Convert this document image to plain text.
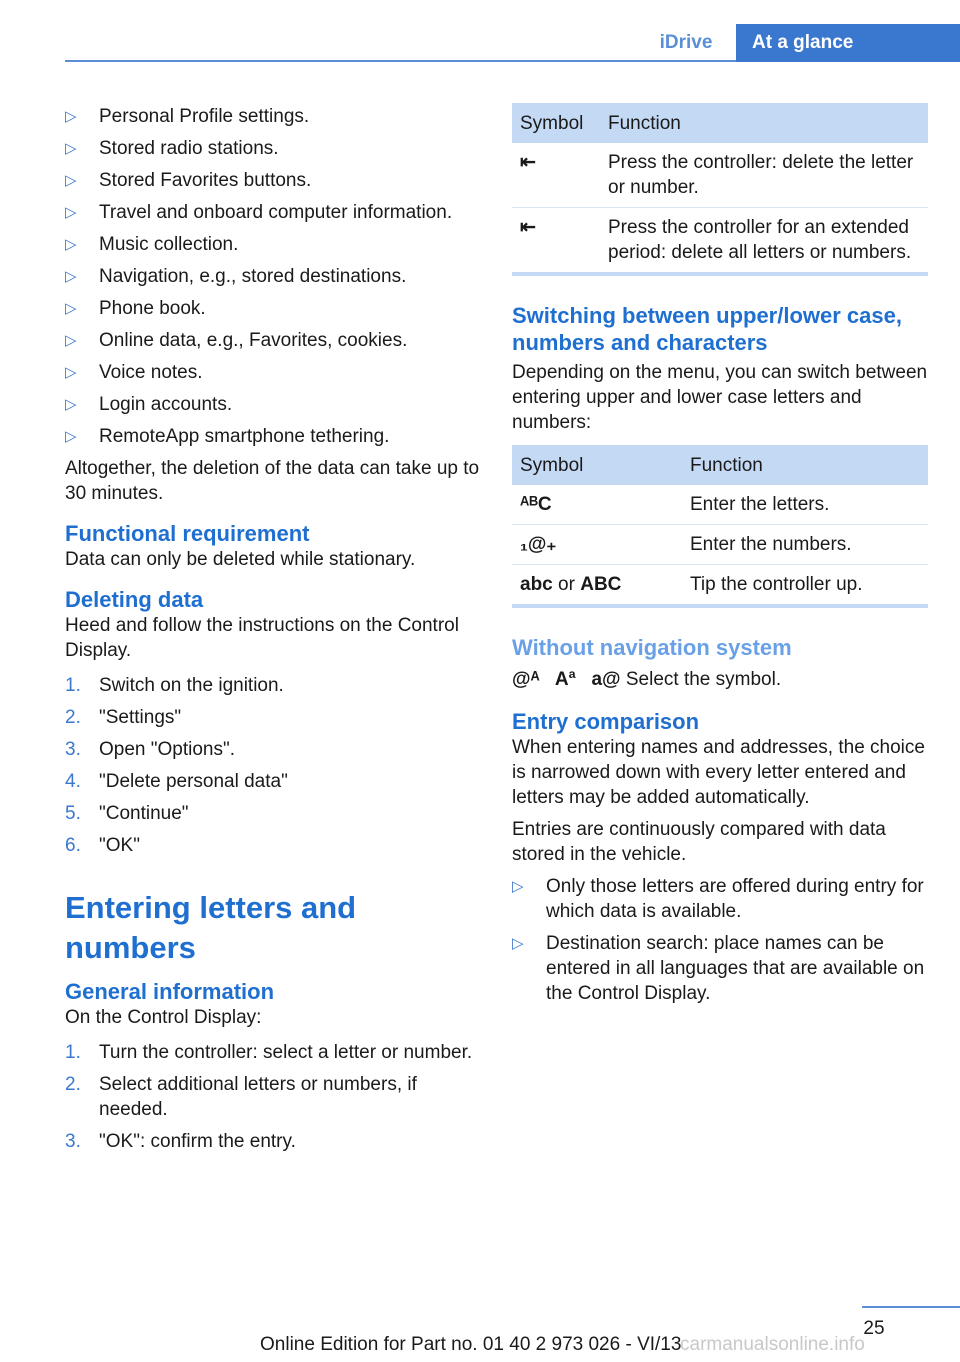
iDrive	At a glance
▷	Personal Profile settings.
▷	Stored radio stations.
▷	Stored Favorites buttons.
▷	Travel and onboard computer information.
▷	Music collection.
▷	Navigation, e.g., stored destinations.
▷	Phone book.
▷	Online data, e.g., Favorites, cookies.
▷	Voice notes.
▷	Login accounts.
▷	RemoteApp smartphone tethering.

Altogether, the deletion of the data can take up to 30 minutes.

Functional requirement

Data can only be deleted while stationary.

Deleting data

Heed and follow the instructions on the Control Display.

1. Switch on the ignition.
2. "Settings"
3. Open "Options".
4. "Delete personal data"
5. "Continue"
6. "OK"
Entering letters and numbers
General information

On the Control Display:

1. Turn the controller: select a letter or number.
2. Select additional letters or numbers, if needed.
3. "OK": confirm the entry.
Symbol	Function
⇤	Press the controller: delete the letter or number.
⇤	Press the controller for an extended period: delete all letters or numbers.
Switching between upper/lower case, numbers and characters

Depending on the menu, you can switch between entering upper and lower case letters and numbers:

Symbol	Function
ᴬᴮC	Enter the letters.
₁@₊	Enter the numbers.
abc or ABC	Tip the controller up.
Without navigation system

@ᴬ   Aª   a@ Select the symbol.

Entry comparison

When entering names and addresses, the choice is narrowed down with every letter entered and letters may be added automatically.

Entries are continuously compared with data stored in the vehicle.

▷	Only those letters are offered during entry for which data is available.
▷	Destination search: place names can be entered in all languages that are available on the Control Display.
25
Online Edition for Part no. 01 40 2 973 026 - VI/13
carmanualsonline.info
